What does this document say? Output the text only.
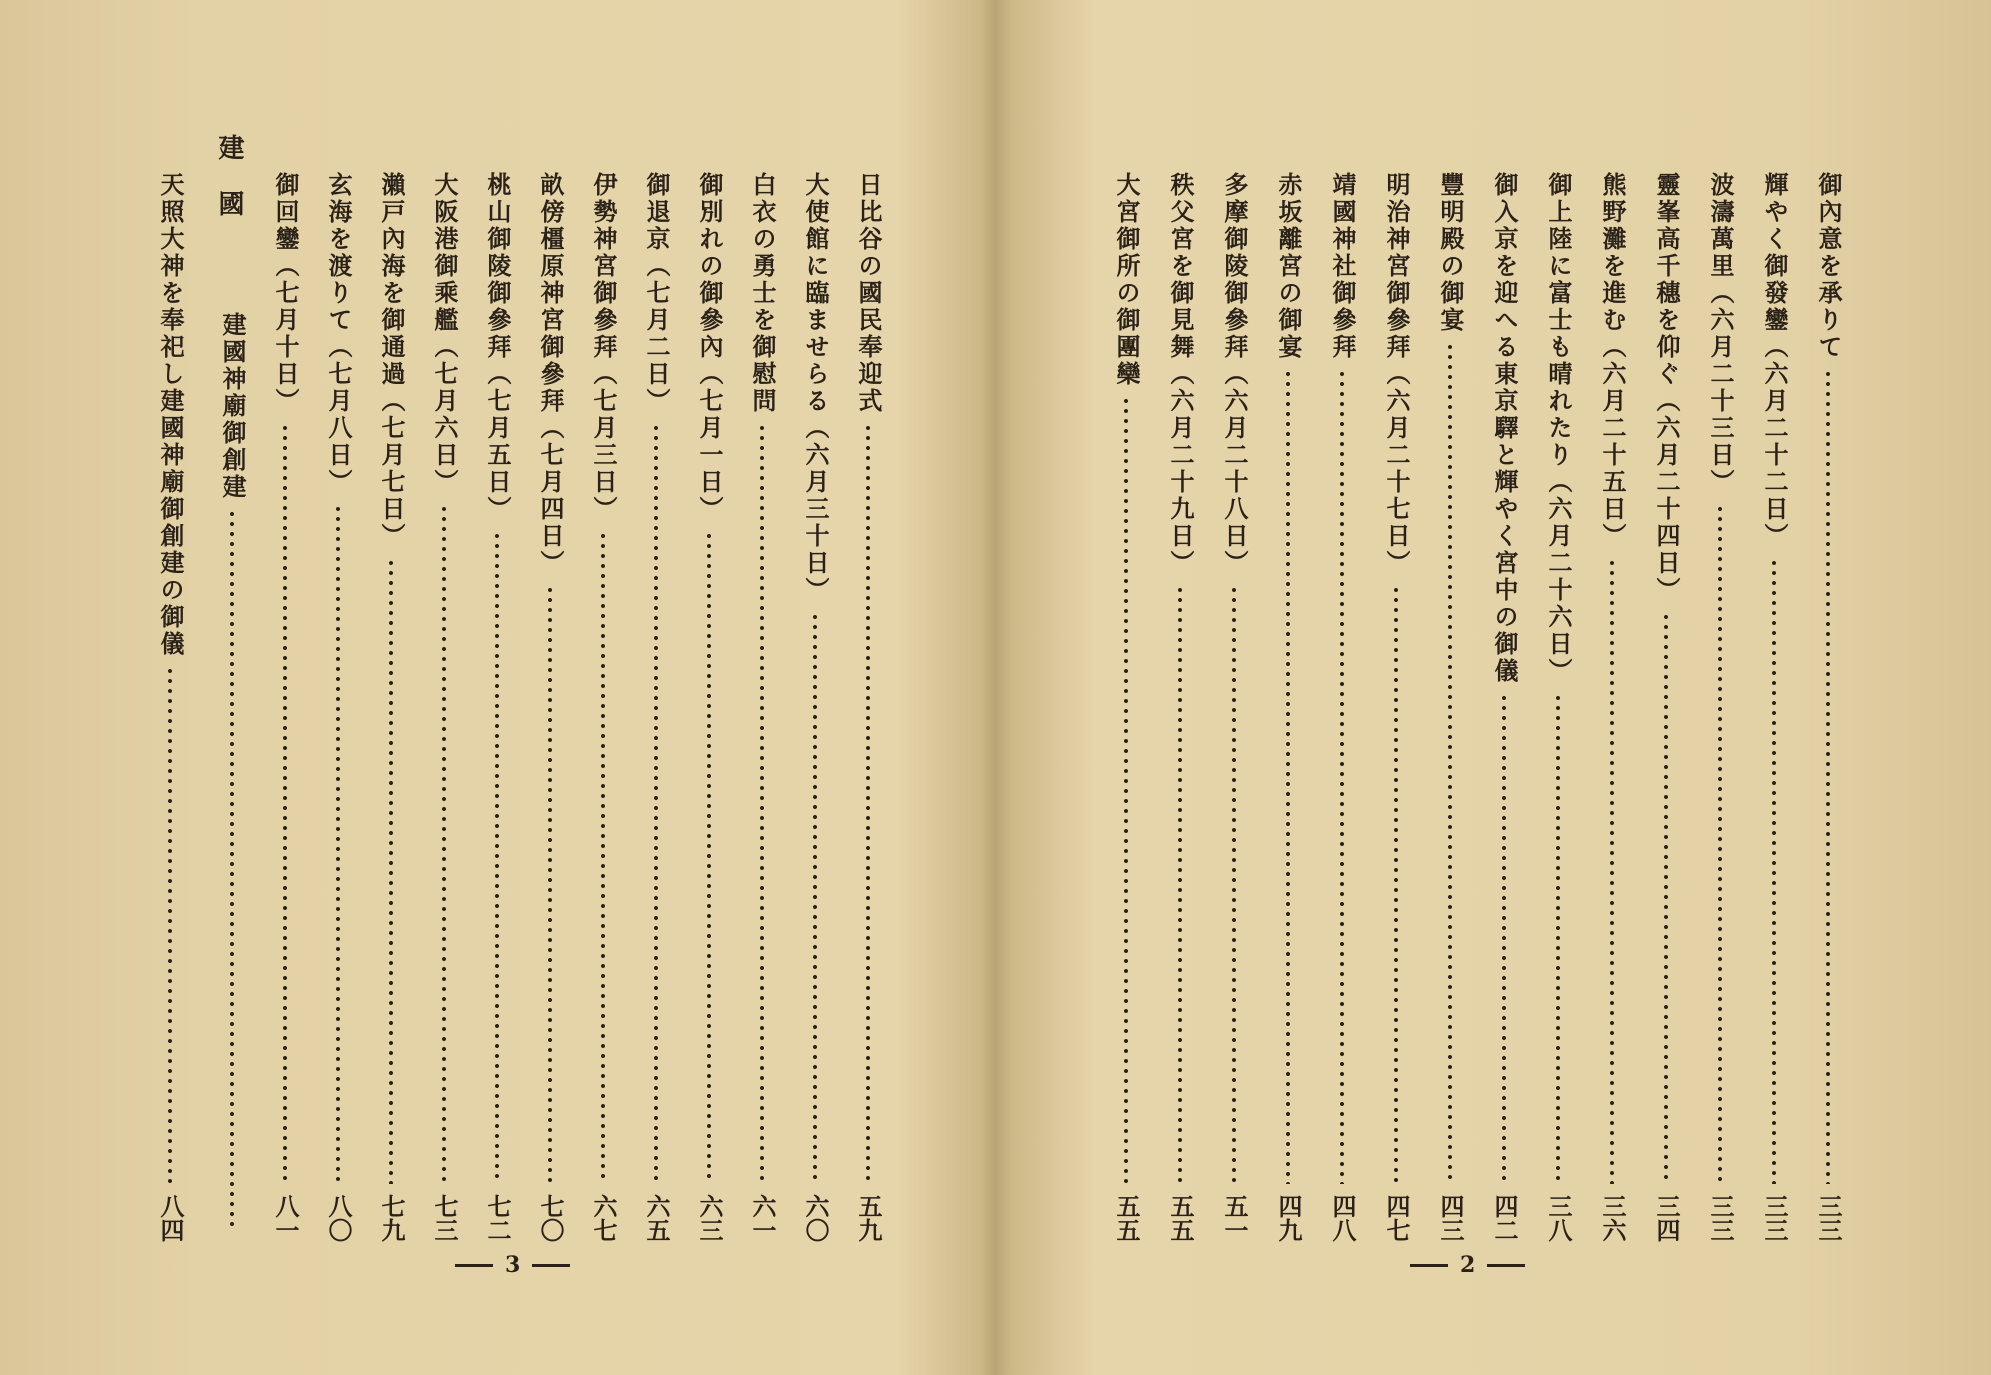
日比谷の國民奉迎式
五九
大使館に臨ませらる（六月三十日）
六〇
白衣の勇士を御慰問
六一
御別れの御參內（七月一日）
六三
御退京（七月二日）
六五
伊勢神宮御參拜（七月三日）
六七
畝傍橿原神宮御參拜（七月四日）
七〇
桃山御陵御參拜（七月五日）
七二
大阪港御乘艦（七月六日）
七三
瀨戸內海を御通過（七月七日）
七九
玄海を渡りて（七月八日）
八〇
御回鑾（七月十日）
八一
建國
建國神廟御創建
天照大神を奉祀し建國神廟御創建の御儀
八四
3
御內意を承りて
三三
輝やく御發鑾（六月二十二日）
三三
波濤萬里（六月二十三日）
三三
靈峯高千穗を仰ぐ（六月二十四日）
三四
熊野灘を進む（六月二十五日）
三六
御上陸に富士も晴れたり（六月二十六日）
三八
御入京を迎へる東京驛と輝やく宮中の御儀
四二
豐明殿の御宴
四三
明治神宮御參拜（六月二十七日）
四七
靖國神社御參拜
四八
赤坂離宮の御宴
四九
多摩御陵御參拜（六月二十八日）
五一
秩父宮を御見舞（六月二十九日）
五五
大宮御所の御團欒
五五
2
